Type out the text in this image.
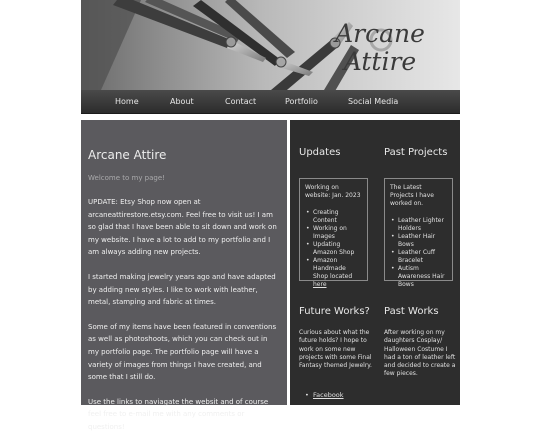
Arcane Attire
Home	About	Contact	Portfolio	Social Media
Arcane Attire
Welcome to my page!

UPDATE: Etsy Shop now open at arcaneattirestore.etsy.com. Feel free to visit us! I am so glad that I have been able to sit down and work on my website. I have a lot to add to my portfolio and I am always adding new projects.

I started making jewelry years ago and have adapted by adding new styles. I like to work with leather, metal, stamping and fabric at times.

Some of my items have been featured in conventions as well as photoshoots, which you can check out in my portfolio page. The portfolio page will have a variety of images from things I have created, and some that I still do.

Use the links to naviagate the websit and of course feel free to e-mail me with any comments or questions!

Updates
Working on website: Jan. 2023
• Creating Content
• Working on Images
• Updating Amazon Shop
• Amazon Handmade Shop located here
Past Projects
The Latest Projects I have worked on.
• Leather Lighter Holders
• Leather Hair Bows
• Leather Cuff Bracelet
• Autism Awareness Hair Bows
Future Works?
Curious about what the future holds? I hope to work on some new projects with some Final Fantasy themed Jewelry.
• Facebook
Past Works
After working on my daughters Cosplay/ Halloween Costume I had a ton of leather left and decided to create a few pieces.
